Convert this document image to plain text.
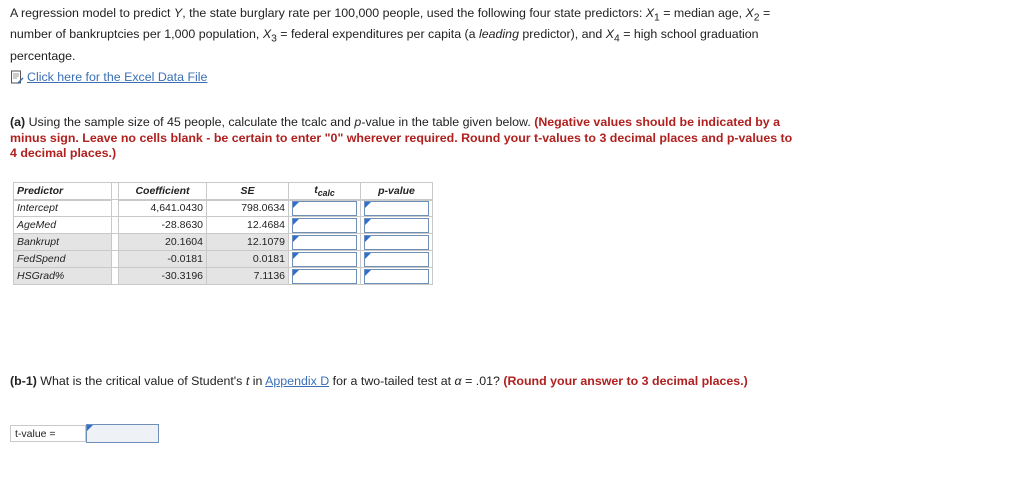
A regression model to predict Y, the state burglary rate per 100,000 people, used the following four state predictors: $X_1$ = median age, $X_2$ = number of bankruptcies per 1,000 population, $X_3$ = federal expenditures per capita (a leading predictor), and $X_4$ = high school graduation percentage.
Click here for the Excel Data File
(a) Using the sample size of 45 people, calculate the tcalc and p-value in the table given below. (Negative values should be indicated by a minus sign. Leave no cells blank - be certain to enter "0" wherever required. Round your t-values to 3 decimal places and p-values to 4 decimal places.)
Predictor		Coefficient	SE	$t_{calc}$	p-value
Intercept		4,641.0430	798.0634	

AgeMed		-28.8630	12.4684	

Bankrupt		20.1604	12.1079	

FedSpend		-0.0181	0.0181	

HSGrad%		-30.3196	7.1136	

(b-1) What is the critical value of Student's t in Appendix D for a two-tailed test at α = .01? (Round your answer to 3 decimal places.)
t-value =
